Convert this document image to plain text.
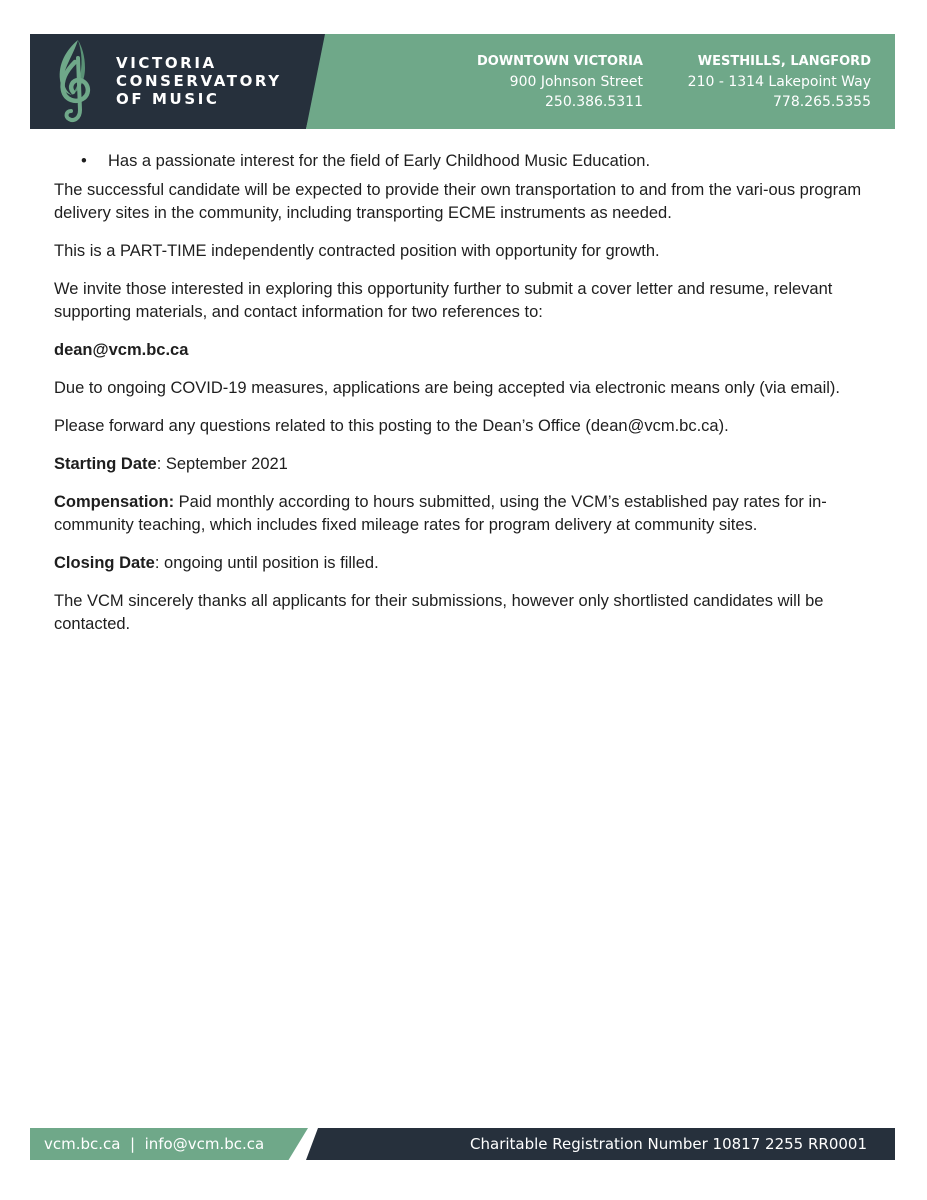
VICTORIA
CONSERVATORY
OF MUSIC
DOWNTOWN VICTORIA
900 Johnson Street
250.386.5311
WESTHILLS, LANGFORD
210 - 1314 Lakepoint Way
778.265.5355
• Has a passionate interest for the field of Early Childhood Music Education.

The successful candidate will be expected to provide their own transportation to and from the vari-ous program delivery sites in the community, including transporting ECME instruments as needed.

This is a PART-TIME independently contracted position with opportunity for growth.

We invite those interested in exploring this opportunity further to submit a cover letter and resume, relevant supporting materials, and contact information for two references to:

dean@vcm.bc.ca

Due to ongoing COVID-19 measures, applications are being accepted via electronic means only (via email).

Please forward any questions related to this posting to the Dean’s Office (dean@vcm.bc.ca).

Starting Date: September 2021

Compensation: Paid monthly according to hours submitted, using the VCM’s established pay rates for in-community teaching, which includes fixed mileage rates for program delivery at community sites.

Closing Date: ongoing until position is filled.

The VCM sincerely thanks all applicants for their submissions, however only shortlisted candidates will be contacted.

vcm.bc.ca  |  info@vcm.bc.ca	Charitable Registration Number 10817 2255 RR0001
